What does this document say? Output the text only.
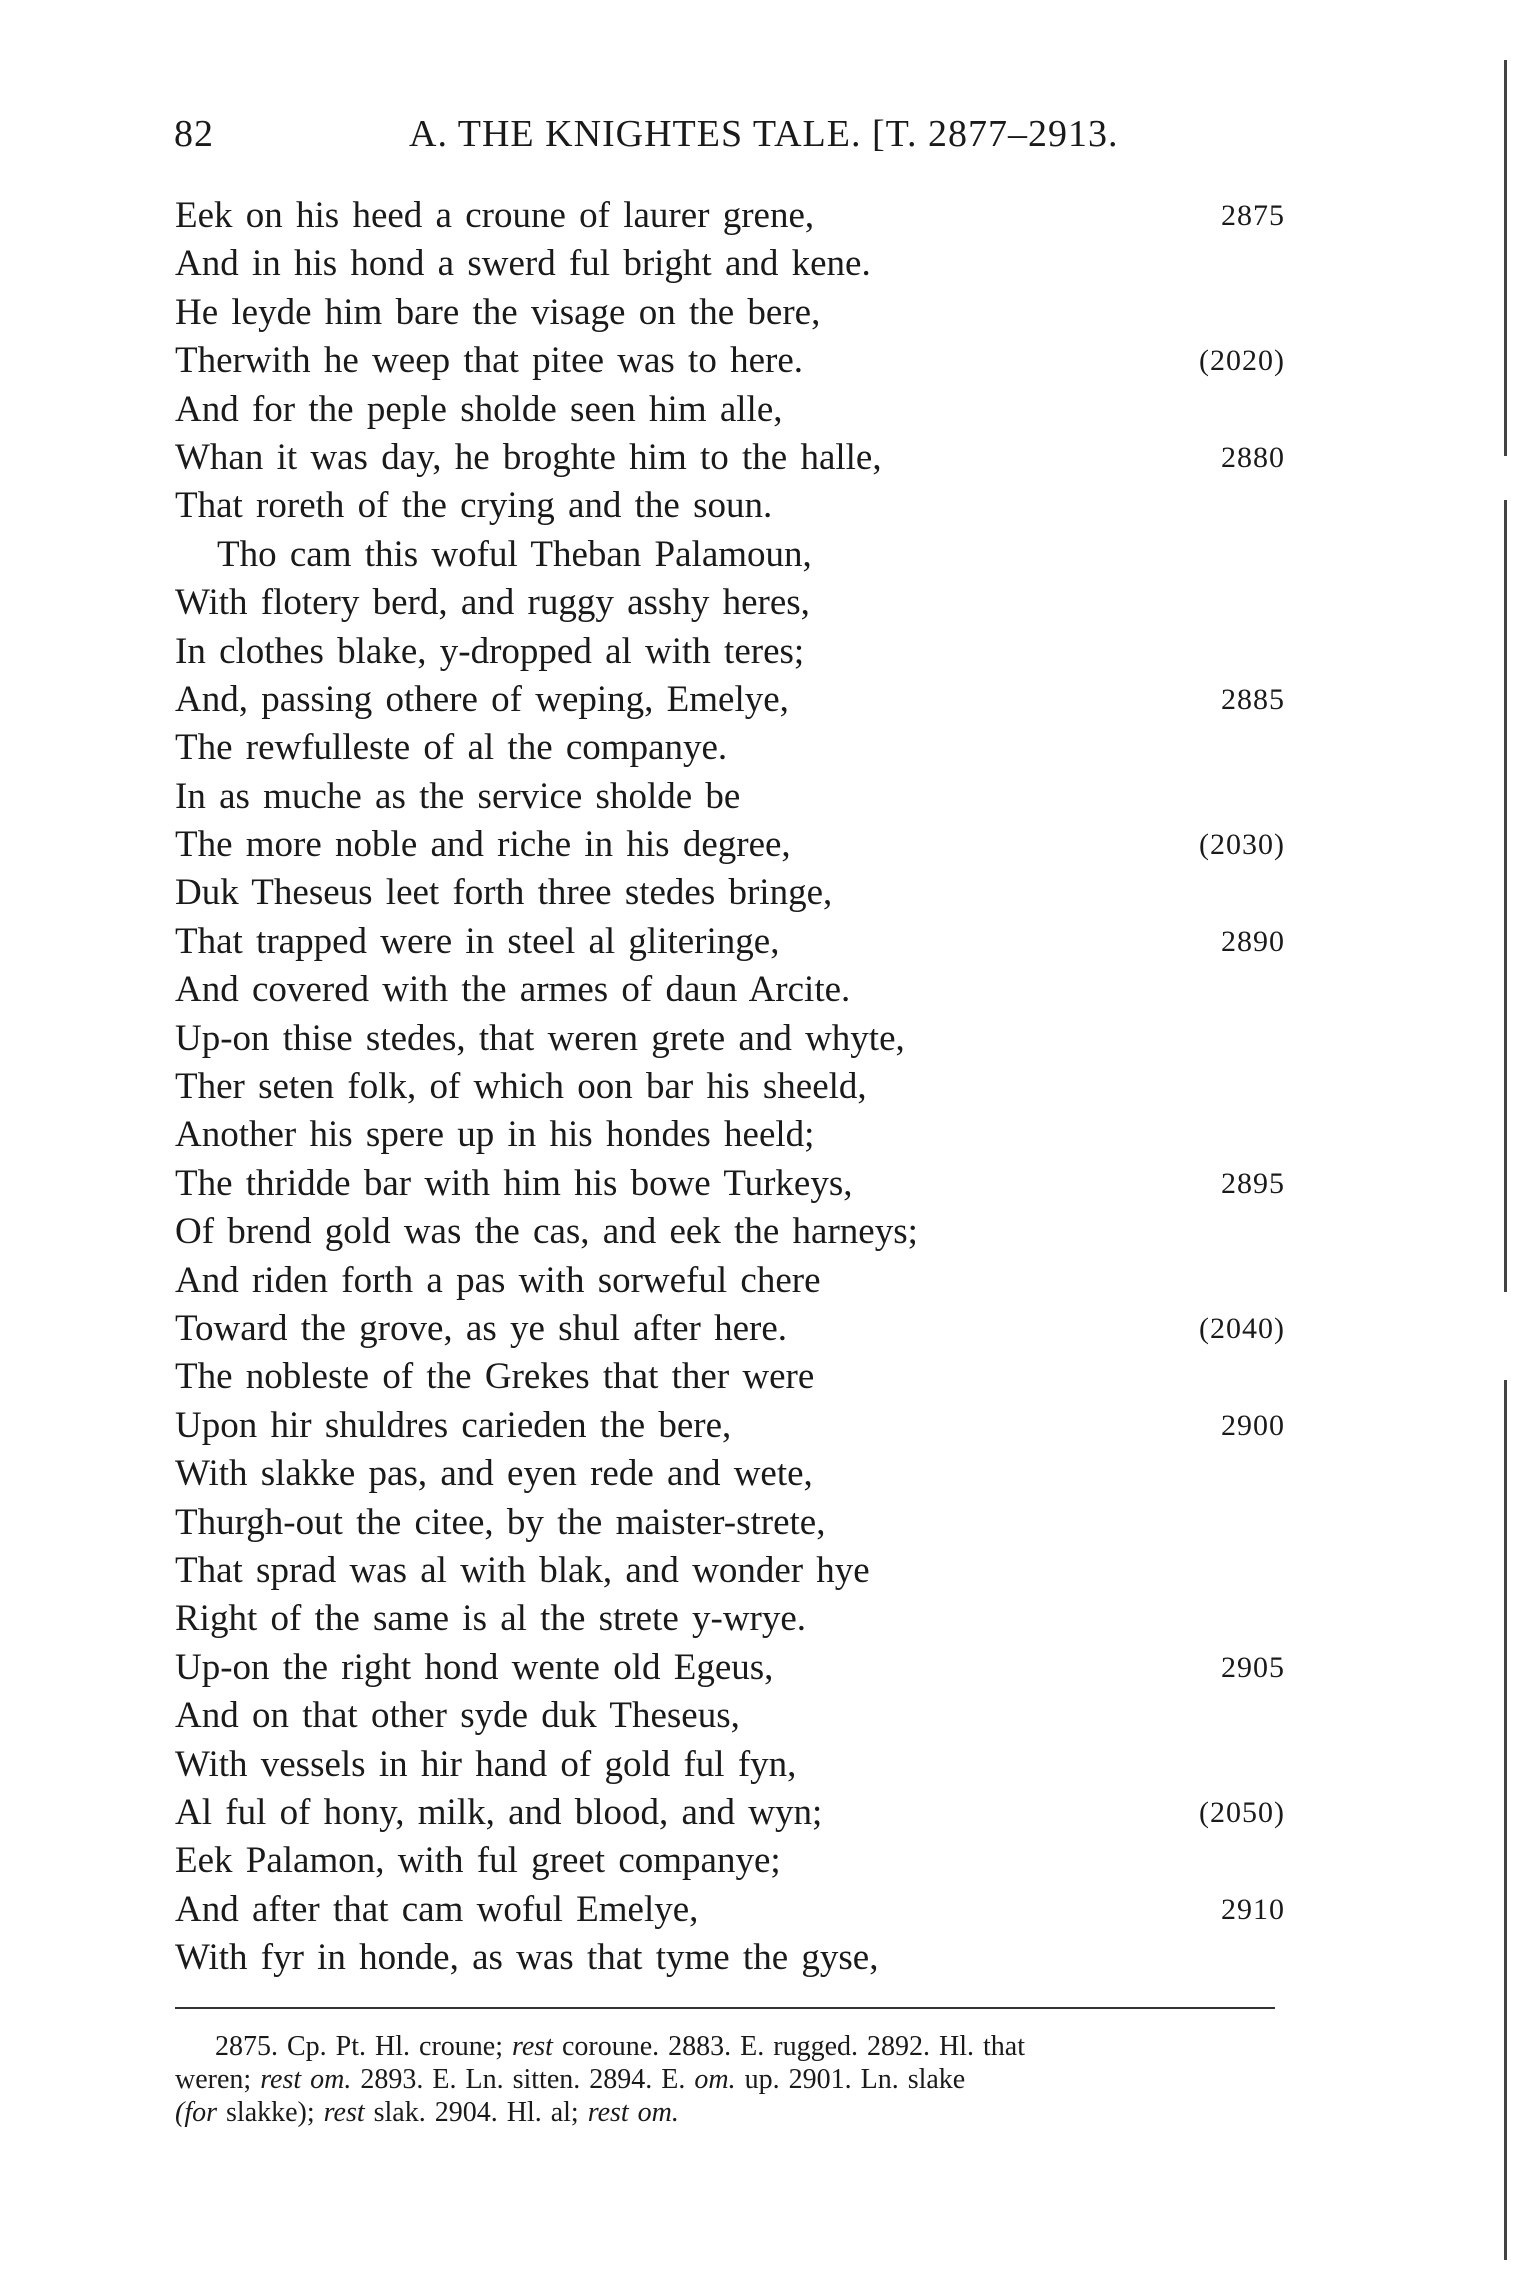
82	A. THE KNIGHTES TALE. [T. 2877–2913.
Eek on his heed a croune of laurer grene,	2875
And in his hond a swerd ful bright and kene.
He leyde him bare the visage on the bere,
Therwith he weep that pitee was to here.	(2020)
And for the peple sholde seen him alle,
Whan it was day, he broghte him to the halle,	2880
That roreth of the crying and the soun.
Tho cam this woful Theban Palamoun,
With flotery berd, and ruggy asshy heres,
In clothes blake, y-dropped al with teres;
And, passing othere of weping, Emelye,	2885
The rewfulleste of al the companye.
In as muche as the service sholde be
The more noble and riche in his degree,	(2030)
Duk Theseus leet forth three stedes bringe,
That trapped were in steel al gliteringe,	2890
And covered with the armes of daun Arcite.
Up-on thise stedes, that weren grete and whyte,
Ther seten folk, of which oon bar his sheeld,
Another his spere up in his hondes heeld;
The thridde bar with him his bowe Turkeys,	2895
Of brend gold was the cas, and eek the harneys;
And riden forth a pas with sorweful chere
Toward the grove, as ye shul after here.	(2040)
The nobleste of the Grekes that ther were
Upon hir shuldres carieden the bere,	2900
With slakke pas, and eyen rede and wete,
Thurgh-out the citee, by the maister-strete,
That sprad was al with blak, and wonder hye
Right of the same is al the strete y-wrye.
Up-on the right hond wente old Egeus,	2905
And on that other syde duk Theseus,
With vessels in hir hand of gold ful fyn,
Al ful of hony, milk, and blood, and wyn;	(2050)
Eek Palamon, with ful greet companye;
And after that cam woful Emelye,	2910
With fyr in honde, as was that tyme the gyse,
2875. Cp. Pt. Hl. croune; rest coroune. 2883. E. rugged. 2892. Hl. that
weren; rest om. 2893. E. Ln. sitten. 2894. E. om. up. 2901. Ln. slake
(for slakke); rest slak. 2904. Hl. al; rest om.
